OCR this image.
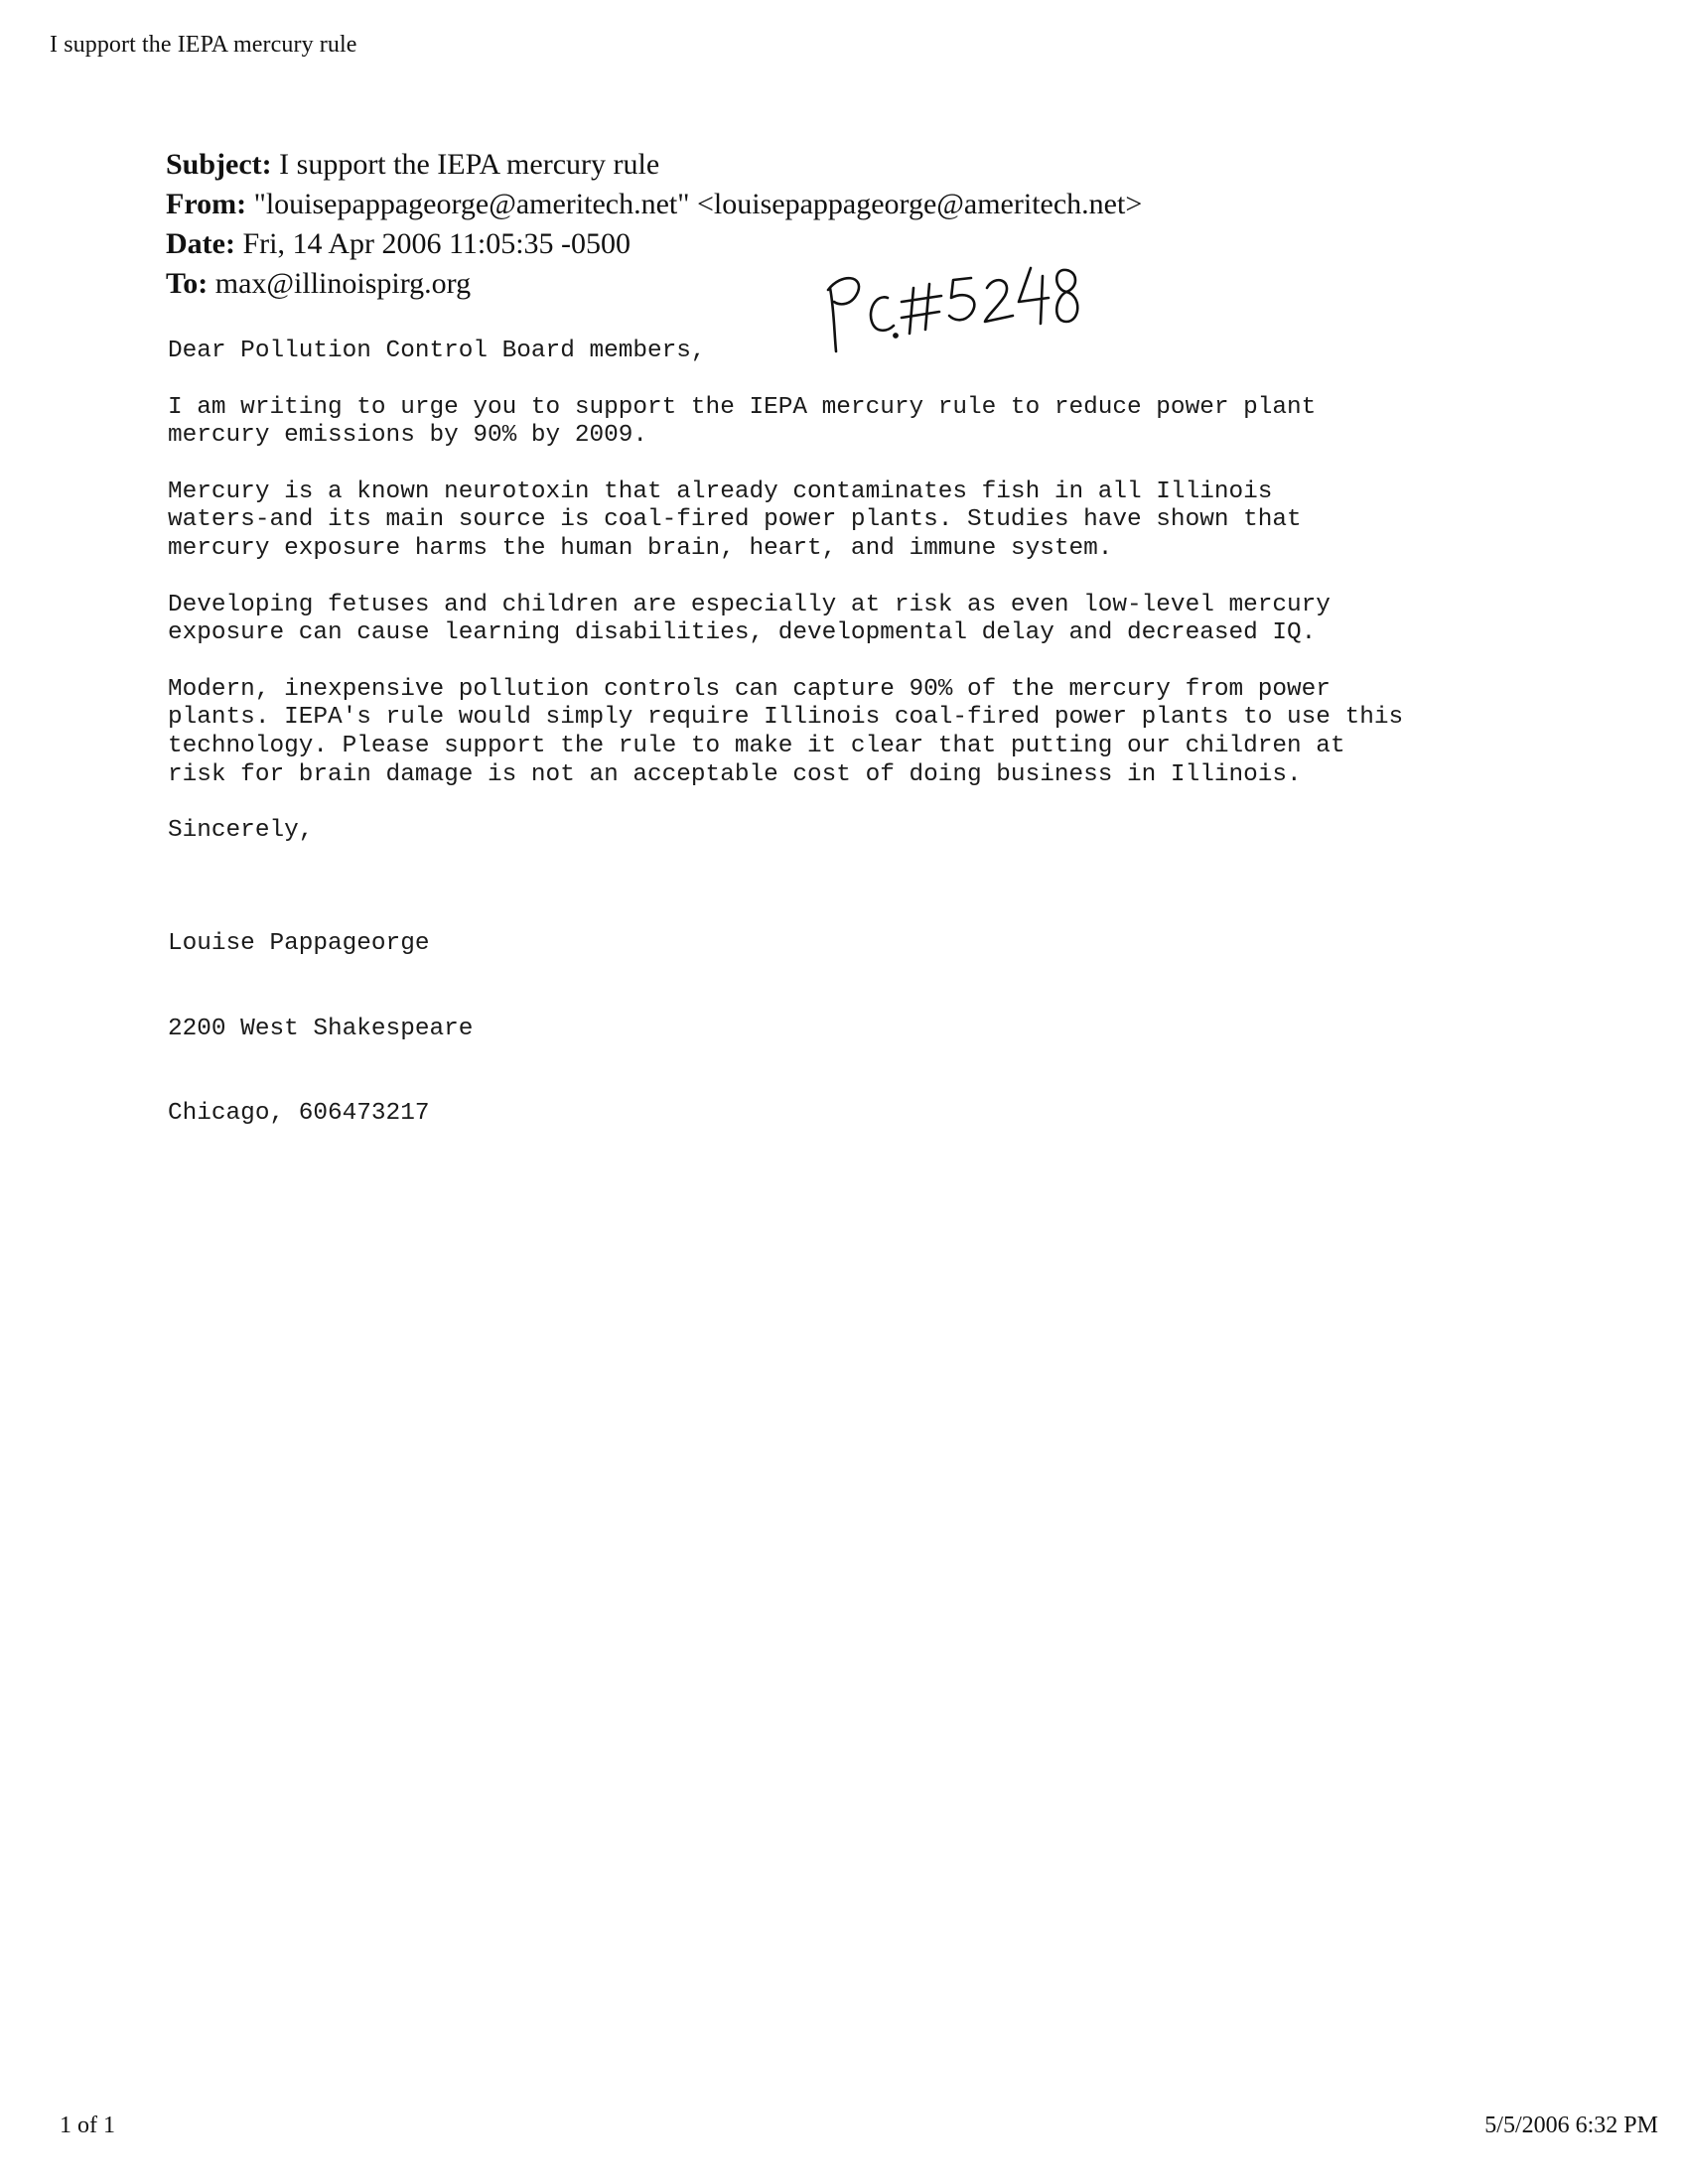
I support the IEPA mercury rule
Subject: I support the IEPA mercury rule
From: "louisepappageorge@ameritech.net" <louisepappageorge@ameritech.net>
Date: Fri, 14 Apr 2006 11:05:35 -0500
To: max@illinoispirg.org
Dear Pollution Control Board members,
I am writing to urge you to support the IEPA mercury rule to reduce power plant
mercury emissions by 90% by 2009.
Mercury is a known neurotoxin that already contaminates fish in all Illinois
waters-and its main source is coal-fired power plants. Studies have shown that
mercury exposure harms the human brain, heart, and immune system.
Developing fetuses and children are especially at risk as even low-level mercury
exposure can cause learning disabilities, developmental delay and decreased IQ.
Modern, inexpensive pollution controls can capture 90% of the mercury from power
plants. IEPA's rule would simply require Illinois coal-fired power plants to use this
technology. Please support the rule to make it clear that putting our children at
risk for brain damage is not an acceptable cost of doing business in Illinois.
Sincerely,

Louise Pappageorge

2200 West Shakespeare

Chicago, 606473217

1 of 1	5/5/2006 6:32 PM
